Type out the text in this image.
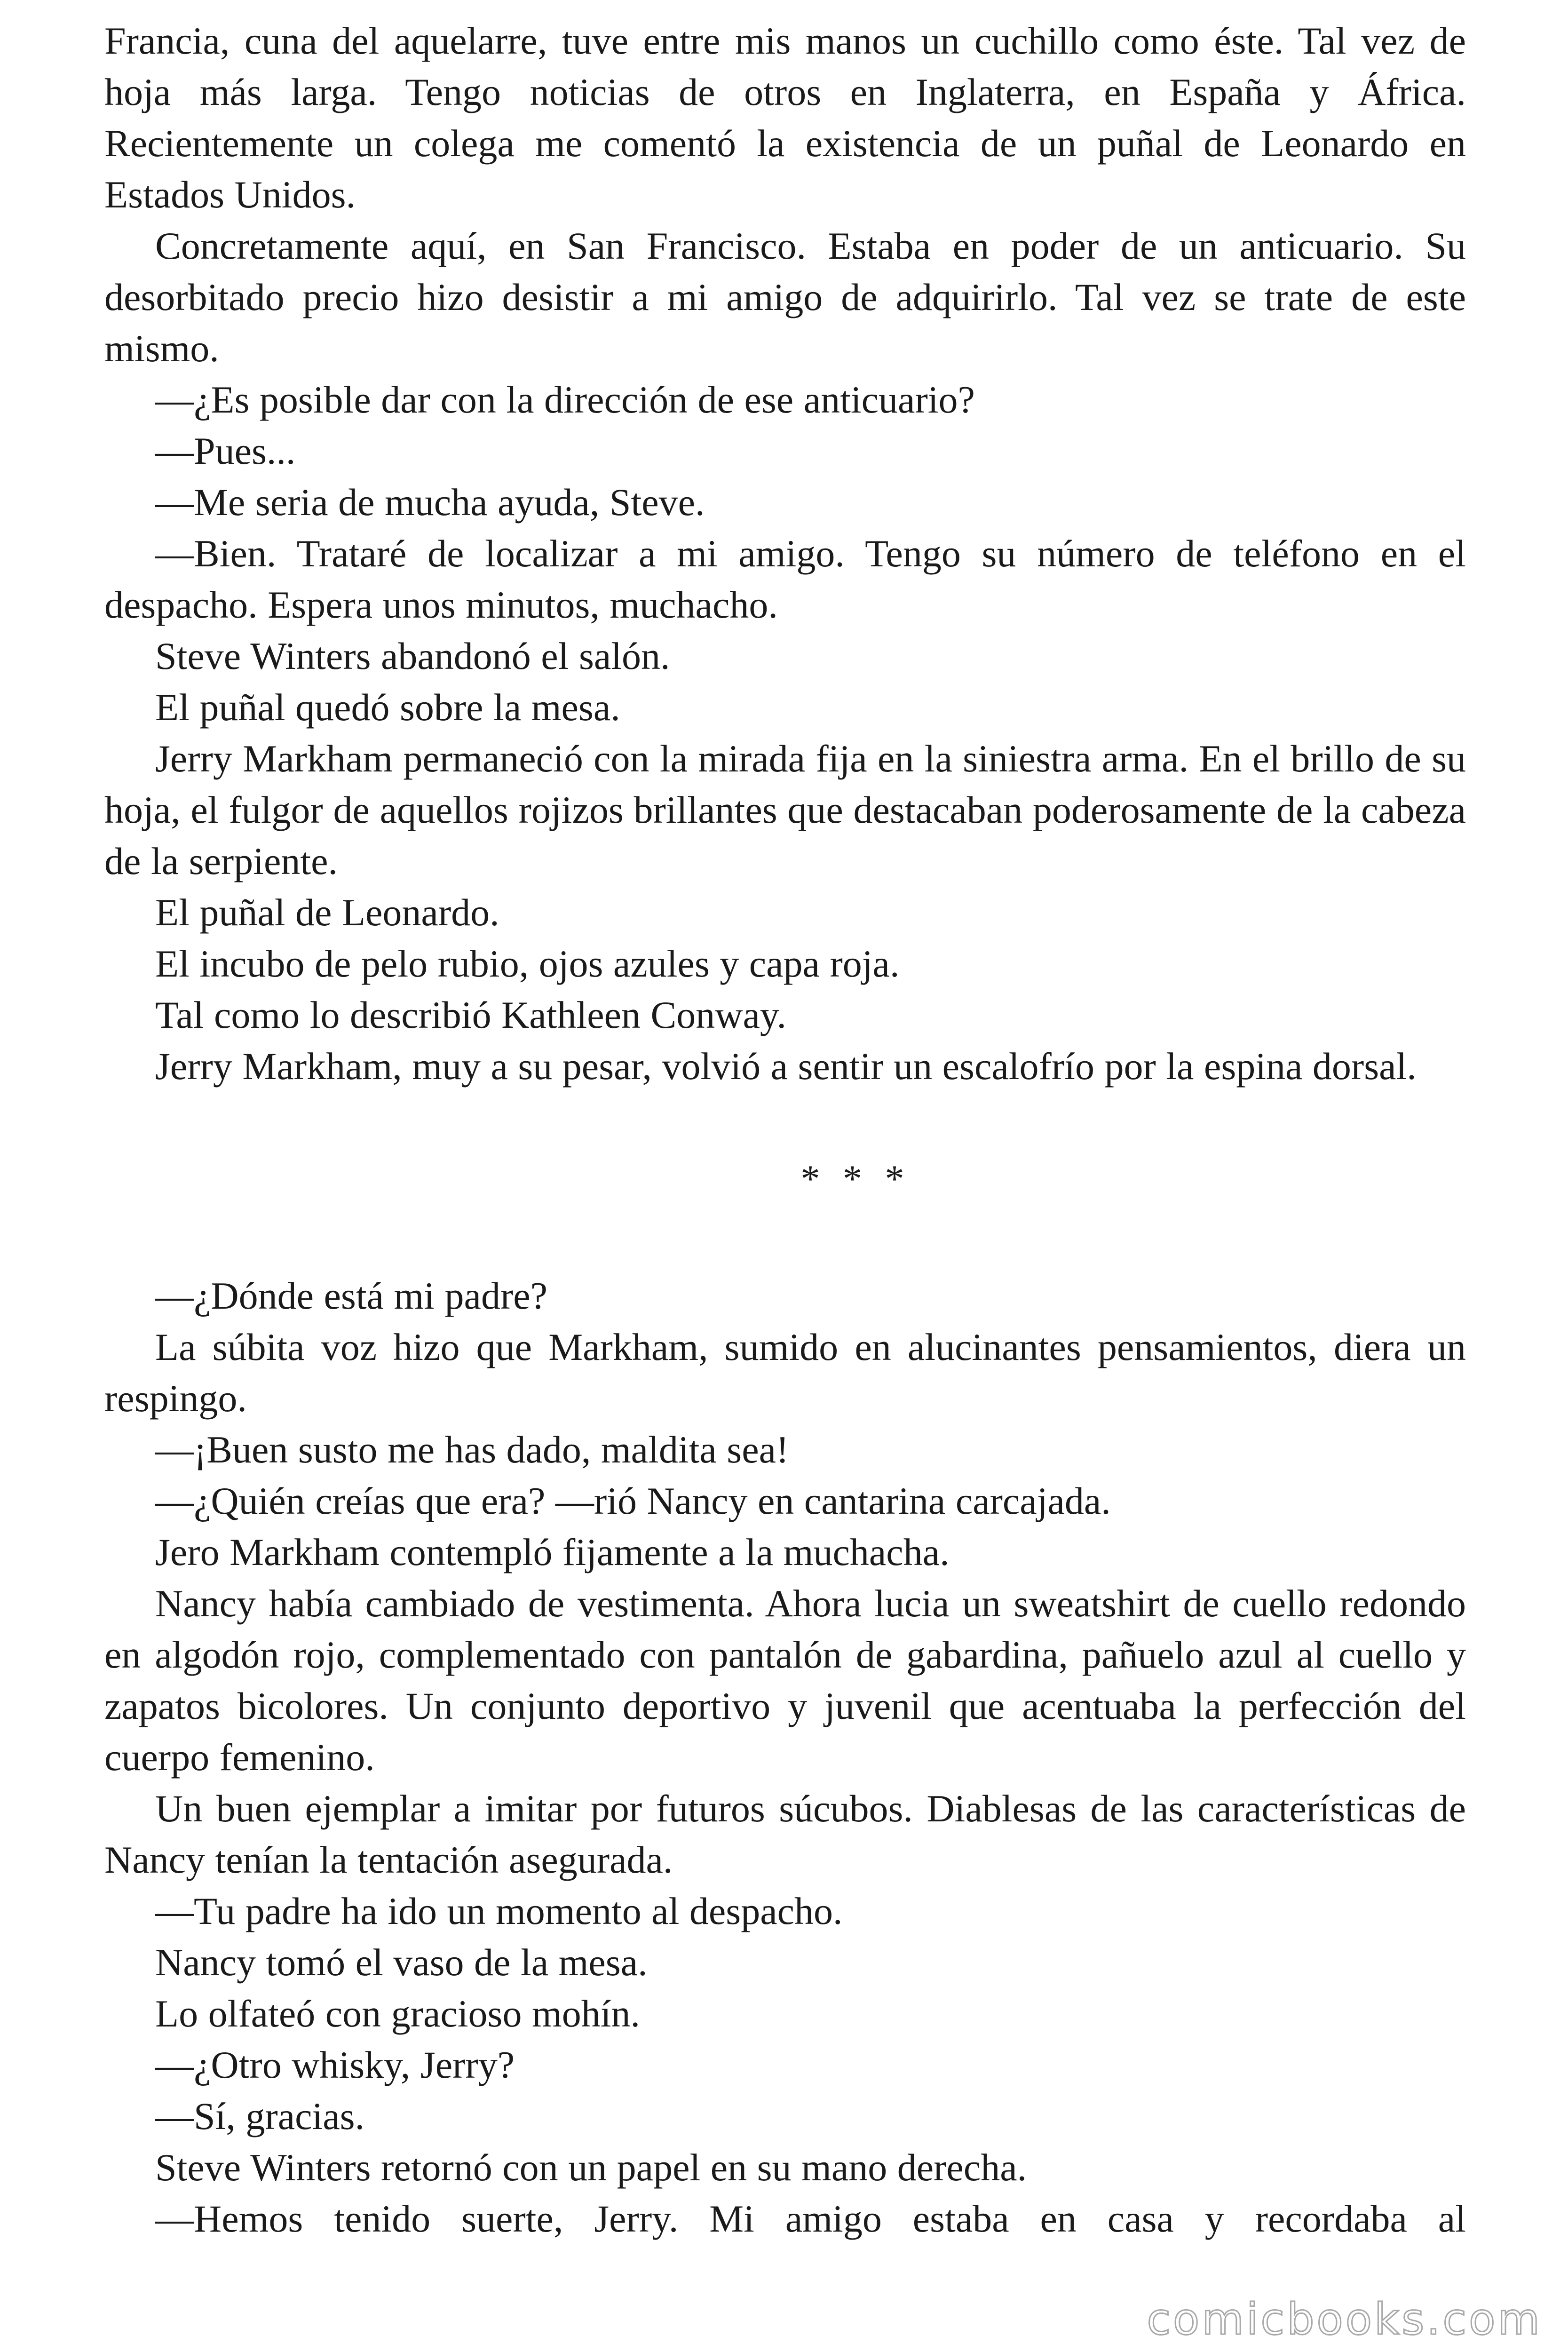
Francia, cuna del aquelarre, tuve entre mis manos un cuchillo como éste. Tal vez de hoja más larga. Tengo noticias de otros en Inglaterra, en España y África. Recientemente un colega me comentó la existencia de un puñal de Leonardo en Estados Unidos.

Concretamente aquí, en San Francisco. Estaba en poder de un anticuario. Su desorbitado precio hizo desistir a mi amigo de adquirirlo. Tal vez se trate de este mismo.

—¿Es posible dar con la dirección de ese anticuario?

—Pues...

—Me seria de mucha ayuda, Steve.

—Bien. Trataré de localizar a mi amigo. Tengo su número de teléfono en el despacho. Espera unos minutos, muchacho.

Steve Winters abandonó el salón.

El puñal quedó sobre la mesa.

Jerry Markham permaneció con la mirada fija en la siniestra arma. En el brillo de su hoja, el fulgor de aquellos rojizos brillantes que destacaban poderosamente de la cabeza de la serpiente.

El puñal de Leonardo.

El incubo de pelo rubio, ojos azules y capa roja.

Tal como lo describió Kathleen Conway.

Jerry Markham, muy a su pesar, volvió a sentir un escalofrío por la espina dorsal.

* * *

—¿Dónde está mi padre?

La súbita voz hizo que Markham, sumido en alucinantes pensamientos, diera un respingo.

—¡Buen susto me has dado, maldita sea!

—¿Quién creías que era? —rió Nancy en cantarina carcajada.

Jero Markham contempló fijamente a la muchacha.

Nancy había cambiado de vestimenta. Ahora lucia un sweatshirt de cuello redondo en algodón rojo, complementado con pantalón de gabardina, pañuelo azul al cuello y zapatos bicolores. Un conjunto deportivo y juvenil que acentuaba la perfección del cuerpo femenino.

Un buen ejemplar a imitar por futuros súcubos. Diablesas de las características de Nancy tenían la tentación asegurada.

—Tu padre ha ido un momento al despacho.

Nancy tomó el vaso de la mesa.

Lo olfateó con gracioso mohín.

—¿Otro whisky, Jerry?

—Sí, gracias.

Steve Winters retornó con un papel en su mano derecha.

—Hemos tenido suerte, Jerry. Mi amigo estaba en casa y recordaba al

comicbooks.com
